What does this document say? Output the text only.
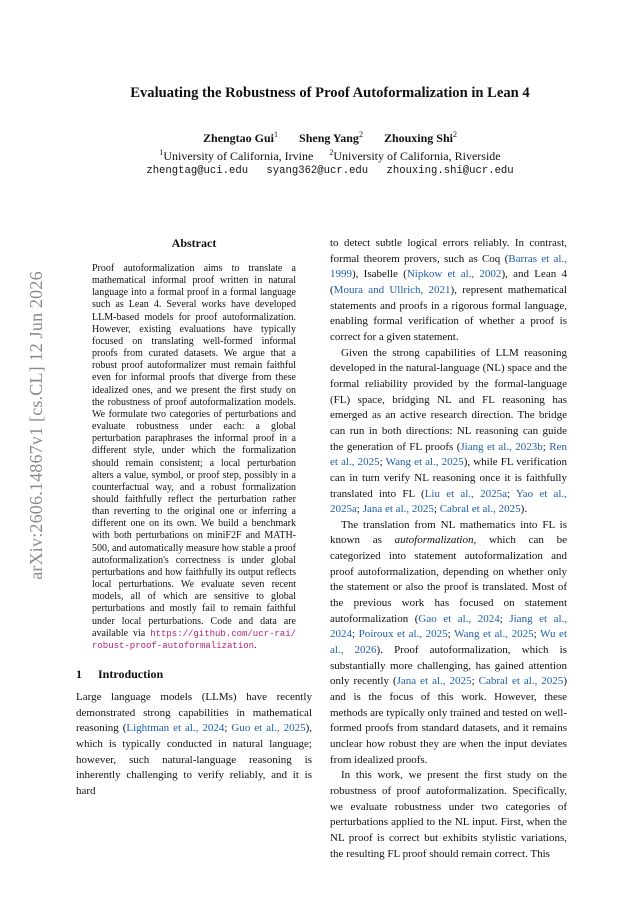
arXiv:2606.14867v1 [cs.CL] 12 Jun 2026
Evaluating the Robustness of Proof Autoformalization in Lean 4
Zhengtao Gui$^1$ Sheng Yang$^2$ Zhouxing Shi$^2$
$^1$University of California, Irvine $^2$University of California, Riverside
zhengtag@uci.edu syang362@ucr.edu zhouxing.shi@ucr.edu
Abstract
Proof autoformalization aims to translate a mathematical informal proof written in natural language into a formal proof in a formal language such as Lean 4. Several works have developed LLM-based models for proof autoformalization. However, existing evaluations have typically focused on translating well-formed informal proofs from curated datasets. We argue that a robust proof autoformalizer must remain faithful even for informal proofs that diverge from these idealized ones, and we present the first study on the robustness of proof autoformalization models. We formulate two categories of perturbations and evaluate robustness under each: a global perturbation paraphrases the informal proof in a different style, under which the formalization should remain consistent; a local perturbation alters a value, symbol, or proof step, possibly in a counterfactual way, and a robust formalization should faithfully reflect the perturbation rather than reverting to the original one or inferring a different one on its own. We build a benchmark with both perturbations on miniF2F and MATH-500, and automatically measure how stable a proof autoformalization's correctness is under global perturbations and how faithfully its output reflects local perturbations. We evaluate seven recent models, all of which are sensitive to global perturbations and mostly fail to remain faithful under local perturbations. Code and data are available via https://github.com/ucr-rai/robust-proof-autoformalization.
1 Introduction

Large language models (LLMs) have recently demonstrated strong capabilities in mathematical reasoning (Lightman et al., 2024; Guo et al., 2025), which is typically conducted in natural language; however, such natural-language reasoning is inherently challenging to verify reliably, and it is hard

to detect subtle logical errors reliably. In contrast, formal theorem provers, such as Coq (Barras et al., 1999), Isabelle (Nipkow et al., 2002), and Lean 4 (Moura and Ullrich, 2021), represent mathematical statements and proofs in a rigorous formal language, enabling formal verification of whether a proof is correct for a given statement.

Given the strong capabilities of LLM reasoning developed in the natural-language (NL) space and the formal reliability provided by the formal-language (FL) space, bridging NL and FL reasoning has emerged as an active research direction. The bridge can run in both directions: NL reasoning can guide the generation of FL proofs (Jiang et al., 2023b; Ren et al., 2025; Wang et al., 2025), while FL verification can in turn verify NL reasoning once it is faithfully translated into FL (Liu et al., 2025a; Yao et al., 2025a; Jana et al., 2025; Cabral et al., 2025).

The translation from NL mathematics into FL is known as autoformalization, which can be categorized into statement autoformalization and proof autoformalization, depending on whether only the statement or also the proof is translated. Most of the previous work has focused on statement autoformalization (Gao et al., 2024; Jiang et al., 2024; Poiroux et al., 2025; Wang et al., 2025; Wu et al., 2026). Proof autoformalization, which is substantially more challenging, has gained attention only recently (Jana et al., 2025; Cabral et al., 2025) and is the focus of this work. However, these methods are typically only trained and tested on well-formed proofs from standard datasets, and it remains unclear how robust they are when the input deviates from idealized proofs.

In this work, we present the first study on the robustness of proof autoformalization. Specifically, we evaluate robustness under two categories of perturbations applied to the NL input. First, when the NL proof is correct but exhibits stylistic variations, the resulting FL proof should remain correct. This
